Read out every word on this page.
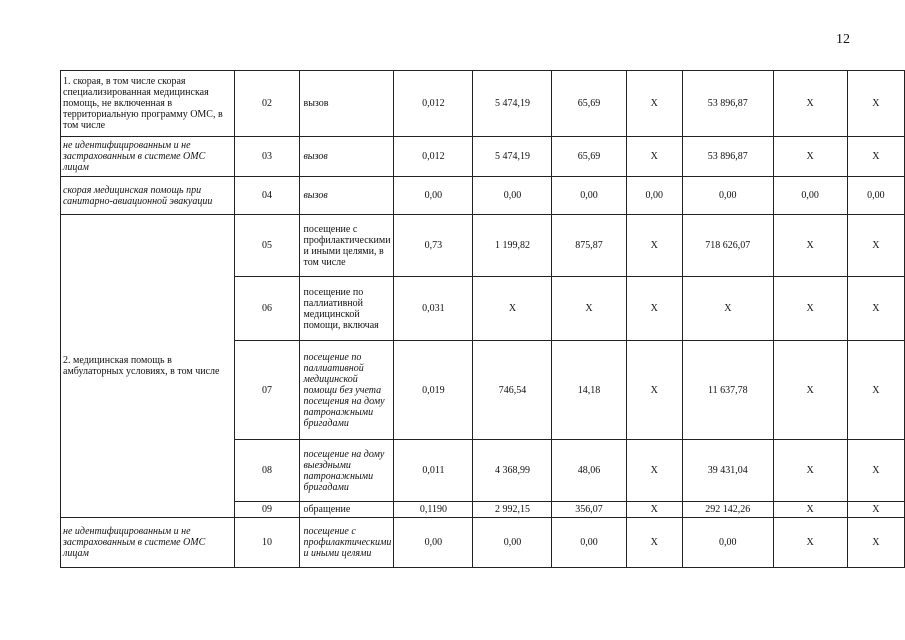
12
1. скорая, в том числе скорая специализированная медицинская помощь, не включенная в территориальную программу ОМС, в том числе	02	вызов	0,012	5 474,19	65,69	Х	53 896,87	Х	Х
не идентифицированным и не застрахованным в системе ОМС лицам	03	вызов	0,012	5 474,19	65,69	Х	53 896,87	Х	Х
скорая медицинская помощь при санитарно-авиационной эвакуации	04	вызов	0,00	0,00	0,00	0,00	0,00	0,00	0,00
2. медицинская помощь в амбулаторных условиях, в том числе	05	посещение с профилактическими и иными целями, в том числе	0,73	1 199,82	875,87	Х	718 626,07	Х	Х
	06	посещение по паллиативной медицинской помощи, включая	0,031	Х	Х	Х	Х	Х	Х
	07	посещение по паллиативной медицинской помощи без учета посещения на дому патронажными бригадами	0,019	746,54	14,18	Х	11 637,78	Х	Х
	08	посещение на дому выездными патронажными бригадами	0,011	4 368,99	48,06	Х	39 431,04	Х	Х
	09	обращение	0,1190	2 992,15	356,07	Х	292 142,26	Х	Х
не идентифицированным и не застрахованным в системе ОМС лицам	10	посещение с профилактическими и иными целями	0,00	0,00	0,00	Х	0,00	Х	Х
